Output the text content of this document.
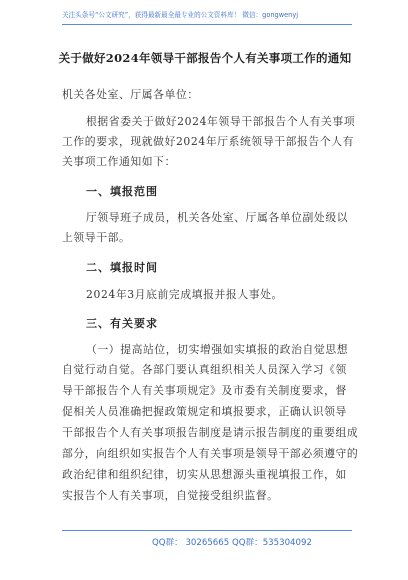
关注头条号“公文研究”，获得最新最全最专业的公文资料库！ 微信：gongwenyj
关于做好2024年领导干部报告个人有关事项工作的通知
机关各处室、厅属各单位：
根据省委关于做好2024年领导干部报告个人有关事项
工作的要求，现就做好2024年厅系统领导干部报告个人有
关事项工作通知如下：
一、填报范围
厅领导班子成员，机关各处室、厅属各单位副处级以
上领导干部。
二、填报时间
2024年3月底前完成填报并报人事处。
三、有关要求
（一）提高站位，切实增强如实填报的政治自觉思想
自觉行动自觉。各部门要认真组织相关人员深入学习《领
导干部报告个人有关事项规定》及市委有关制度要求，督
促相关人员准确把握政策规定和填报要求，正确认识领导
干部报告个人有关事项报告制度是请示报告制度的重要组成
部分，向组织如实报告个人有关事项是领导干部必须遵守的
政治纪律和组织纪律，切实从思想源头重视填报工作，如
实报告个人有关事项，自觉接受组织监督。
QQ群： 30265665 QQ群：535304092
